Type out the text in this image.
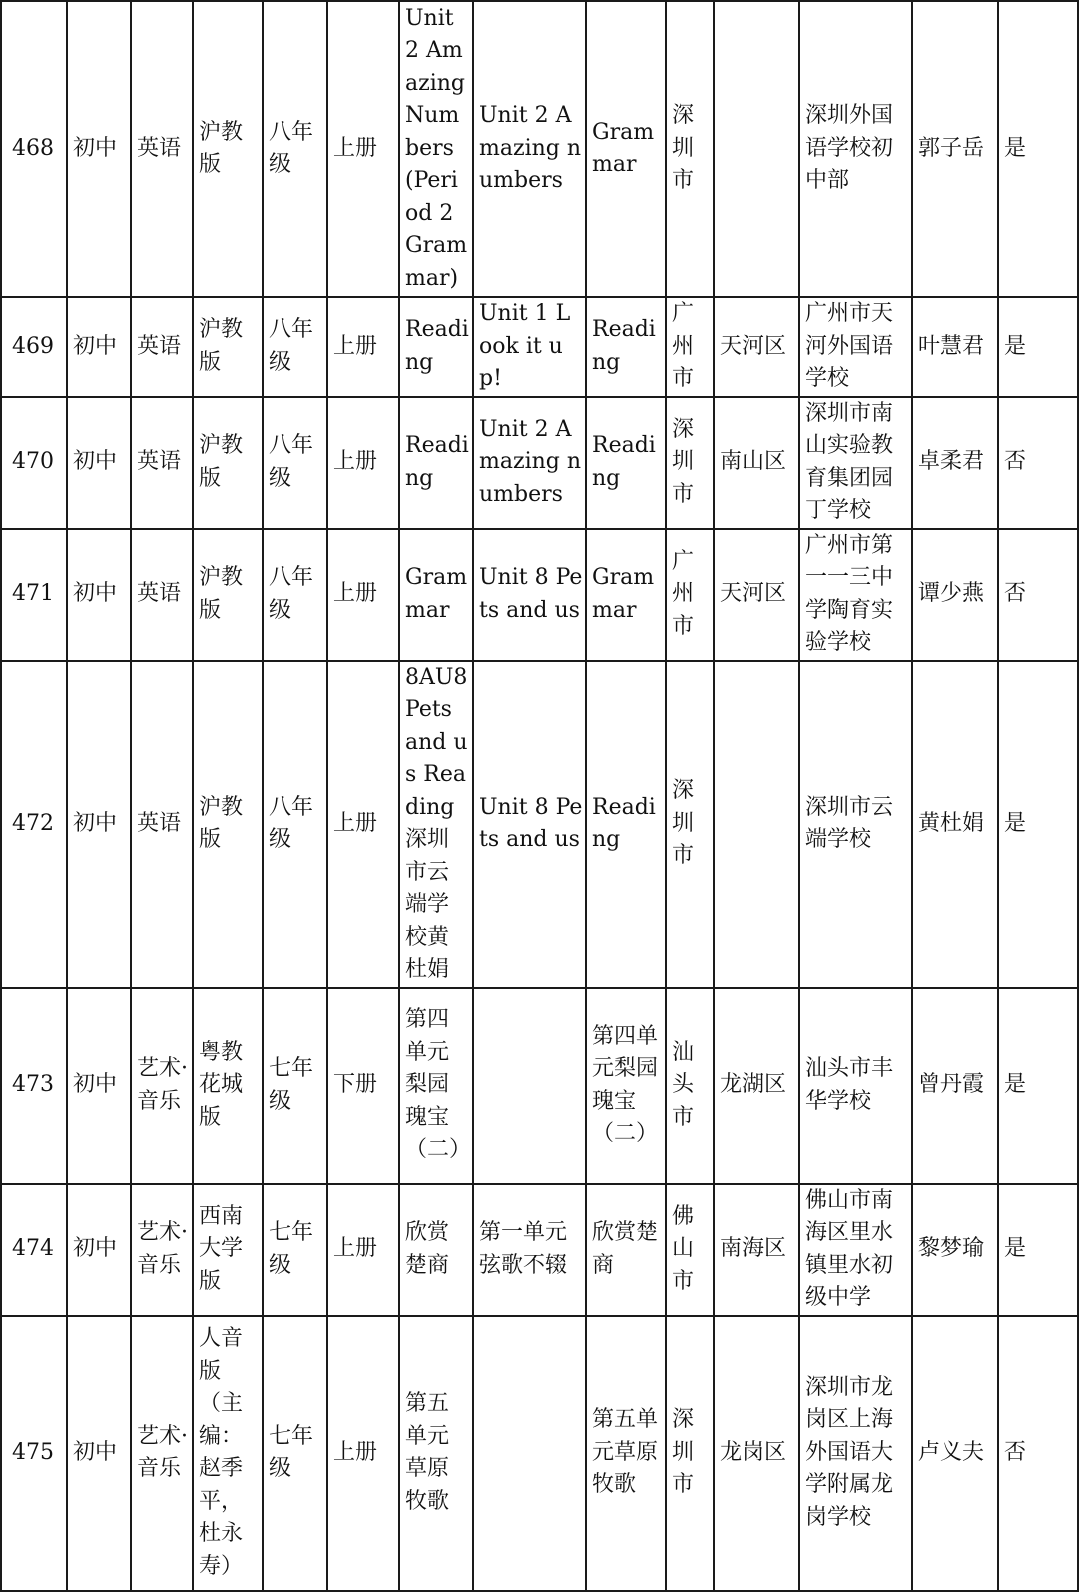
468	初中	英语	沪教版	八年级	上册	Unit 2 Amazing Numbers (Period 2 Grammar)	Unit 2 Amazing numbers	Grammar	深圳市		深圳外国语学校初中部	郭子岳	是
469	初中	英语	沪教版	八年级	上册	Reading	Unit 1 Look it up!	Reading	广州市	天河区	广州市天河外国语学校	叶慧君	是
470	初中	英语	沪教版	八年级	上册	Reading	Unit 2 Amazing numbers	Reading	深圳市	南山区	深圳市南山实验教育集团园丁学校	卓柔君	否
471	初中	英语	沪教版	八年级	上册	Grammar	Unit 8 Pets and us	Grammar	广州市	天河区	广州市第一一三中学陶育实验学校	谭少燕	否
472	初中	英语	沪教版	八年级	上册	8AU8 Pets and us Reading深圳市云端学校黄杜娟	Unit 8 Pets and us	Reading	深圳市		深圳市云端学校	黄杜娟	是
473	初中	艺术·音乐	粤教花城版	七年级	下册	第四单元梨园瑰宝（二）		第四单元梨园瑰宝（二）	汕头市	龙湖区	汕头市丰华学校	曾丹霞	是
474	初中	艺术·音乐	西南大学版	七年级	上册	欣赏楚商	第一单元弦歌不辍	欣赏楚商	佛山市	南海区	佛山市南海区里水镇里水初级中学	黎梦瑜	是
475	初中	艺术·音乐	人音版（主编：赵季平，杜永寿）	七年级	上册	第五单元草原牧歌		第五单元草原牧歌	深圳市	龙岗区	深圳市龙岗区上海外国语大学附属龙岗学校	卢义夫	否
